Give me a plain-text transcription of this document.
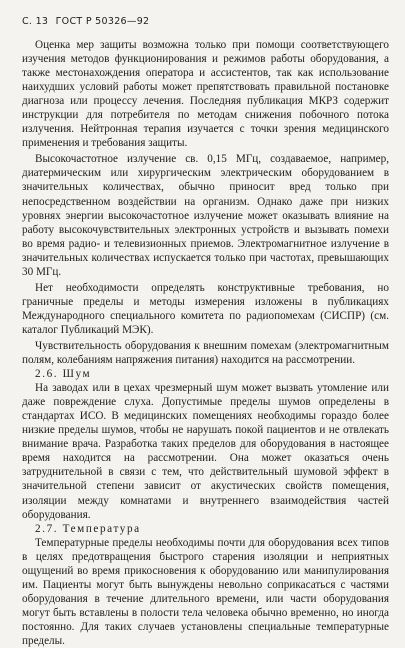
С. 13 ГОСТ Р 50326—92

Оценка мер защиты возможна только при помощи соответствующего изучения методов функционирования и режимов работы оборудования, а также местонахождения оператора и ассистентов, так как использование наихудших условий работы может препятствовать правильной постановке диагноза или процессу лечения. Последняя публикация МКРЗ содержит инструкции для потребителя по методам снижения побочного потока излучения. Нейтронная терапия изучается с точки зрения медицинского применения и требования защиты.

Высокочастотное излучение св. 0,15 МГц, создаваемое, например, диатермическим или хирургическим электрическим оборудованием в значительных количествах, обычно приносит вред только при непосредственном воздействии на организм. Однако даже при низких уровнях энергии высокочастотное излучение может оказывать влияние на работу высокочувствительных электронных устройств и вызывать помехи во время радио- и телевизионных приемов. Электромагнитное излучение в значительных количествах испускается только при частотах, превышающих 30 МГц.

Нет необходимости определять конструктивные требования, но граничные пределы и методы измерения изложены в публикациях Международного специального комитета по радиопомехам (СИСПР) (см. каталог Публикаций МЭК).

Чувствительность оборудования к внешним помехам (электромагнитным полям, колебаниям напряжения питания) находится на рассмотрении.

2.6. Шум

На заводах или в цехах чрезмерный шум может вызвать утомление или даже повреждение слуха. Допустимые пределы шумов определены в стандартах ИСО. В медицинских помещениях необходимы гораздо более низкие пределы шумов, чтобы не нарушать покой пациентов и не отвлекать внимание врача. Разработка таких пределов для оборудования в настоящее время находится на рассмотрении. Она может оказаться очень затруднительной в связи с тем, что действительный шумовой эффект в значительной степени зависит от акустических свойств помещения, изоляции между комнатами и внутреннего взаимодействия частей оборудования.

2.7. Температура

Температурные пределы необходимы почти для оборудования всех типов в целях предотвращения быстрого старения изоляции и неприятных ощущений во время прикосновения к оборудованию или манипулирования им. Пациенты могут быть вынуждены невольно соприкасаться с частями оборудования в течение длительного времени, или части оборудования могут быть вставлены в полости тела человека обычно временно, но иногда постоянно. Для таких случаев установлены специальные температурные пределы.
